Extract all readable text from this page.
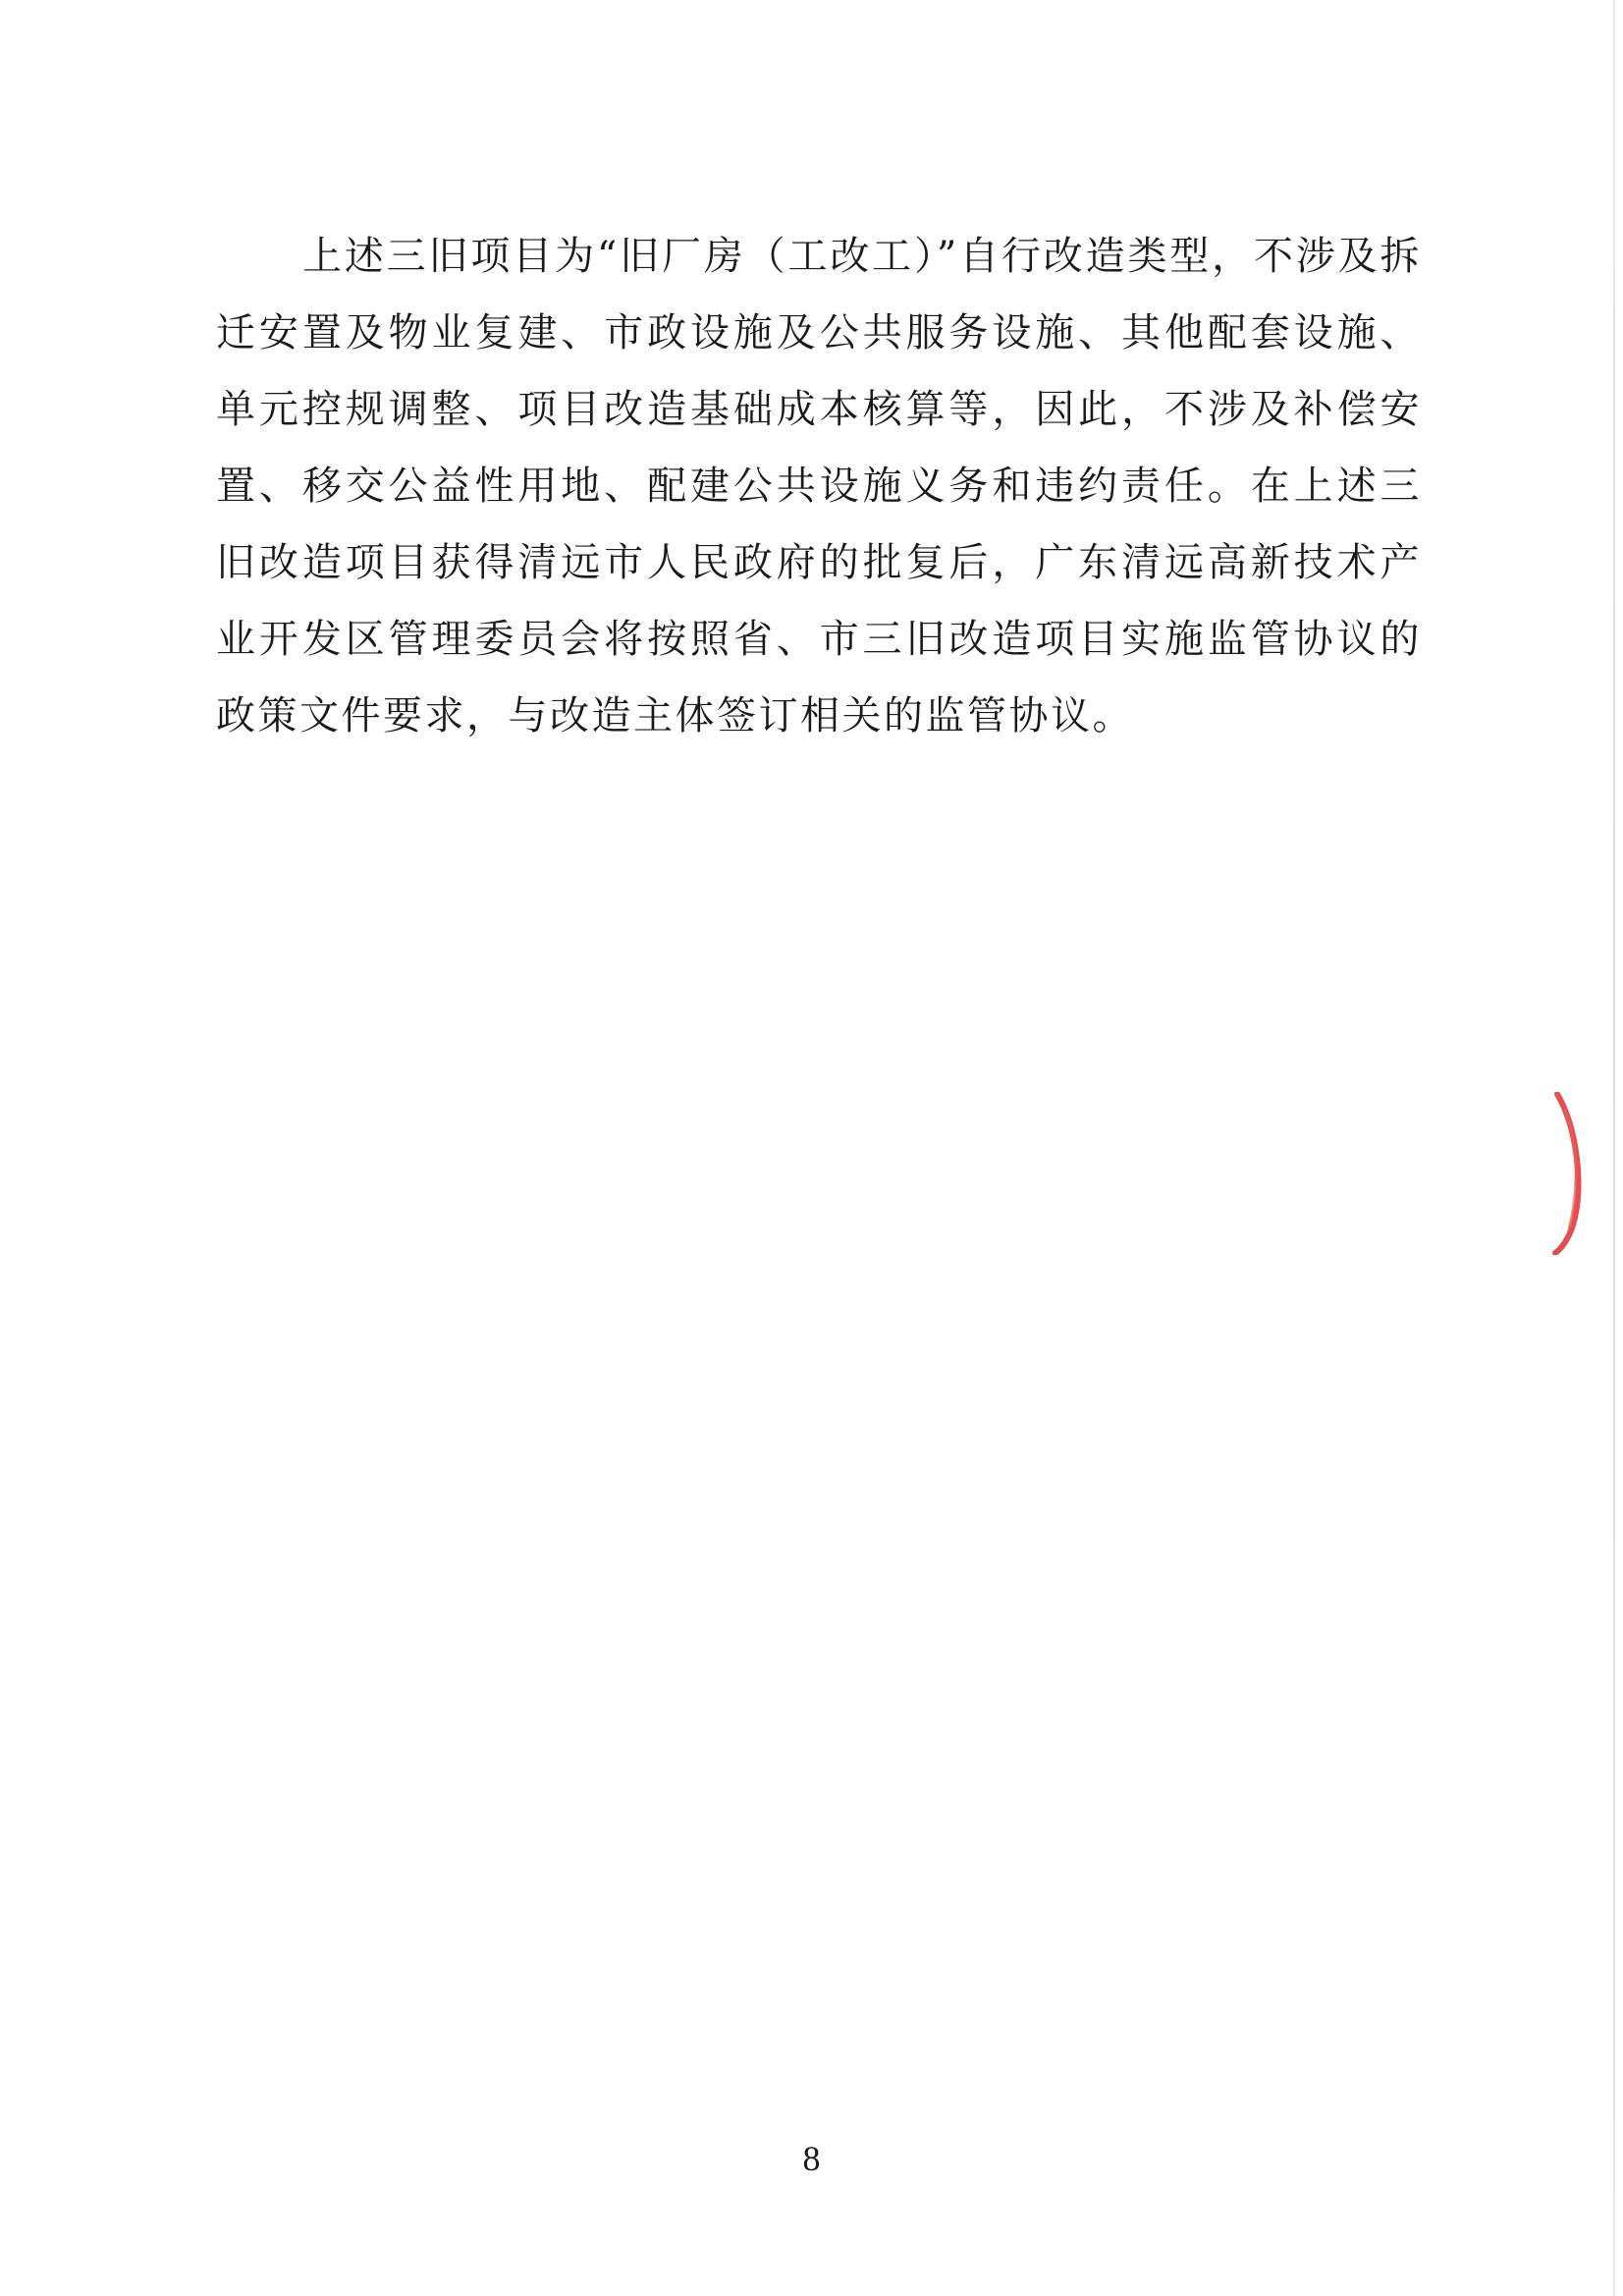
上述三旧项目为“旧厂房（工改工）”自行改造类型，不涉及拆迁安置及物业复建、市政设施及公共服务设施、其他配套设施、单元控规调整、项目改造基础成本核算等，因此，不涉及补偿安置、移交公益性用地、配建公共设施义务和违约责任。在上述三旧改造项目获得清远市人民政府的批复后，广东清远高新技术产业开发区管理委员会将按照省、市三旧改造项目实施监管协议的政策文件要求，与改造主体签订相关的监管协议。

8
